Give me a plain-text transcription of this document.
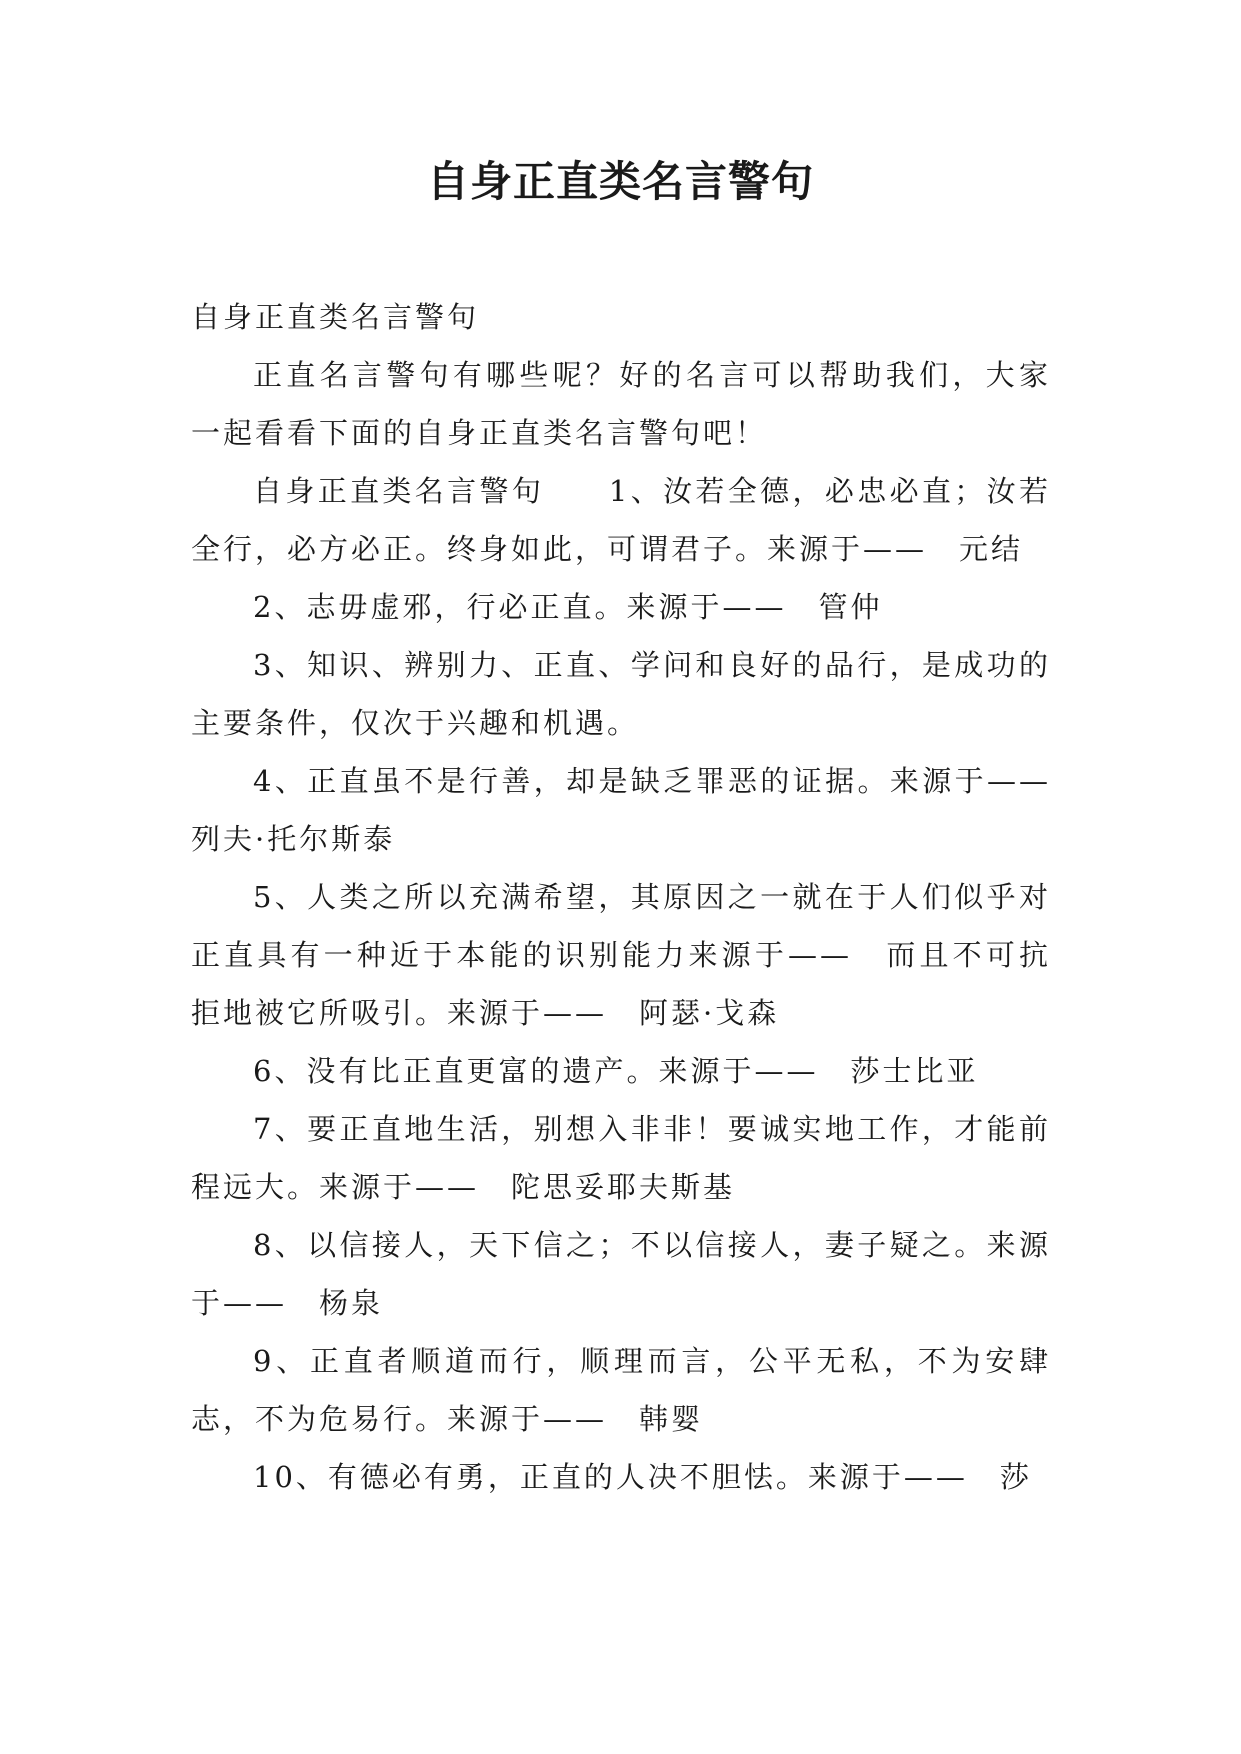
自身正直类名言警句

自身正直类名言警句

正直名言警句有哪些呢？好的名言可以帮助我们，大家一起看看下面的自身正直类名言警句吧！

自身正直类名言警句　　1、汝若全德，必忠必直；汝若全行，必方必正。终身如此，可谓君子。来源于——　元结

2、志毋虚邪，行必正直。来源于——　管仲

3、知识、辨别力、正直、学问和良好的品行，是成功的主要条件，仅次于兴趣和机遇。

4、正直虽不是行善，却是缺乏罪恶的证据。来源于——　列夫·托尔斯泰

5、人类之所以充满希望，其原因之一就在于人们似乎对正直具有一种近于本能的识别能力来源于——　而且不可抗拒地被它所吸引。来源于——　阿瑟·戈森

6、没有比正直更富的遗产。来源于——　莎士比亚

7、要正直地生活，别想入非非！要诚实地工作，才能前程远大。来源于——　陀思妥耶夫斯基

8、以信接人，天下信之；不以信接人，妻子疑之。来源于——　杨泉

9、正直者顺道而行，顺理而言，公平无私，不为安肆志，不为危易行。来源于——　韩婴

10、有德必有勇，正直的人决不胆怯。来源于——　莎
